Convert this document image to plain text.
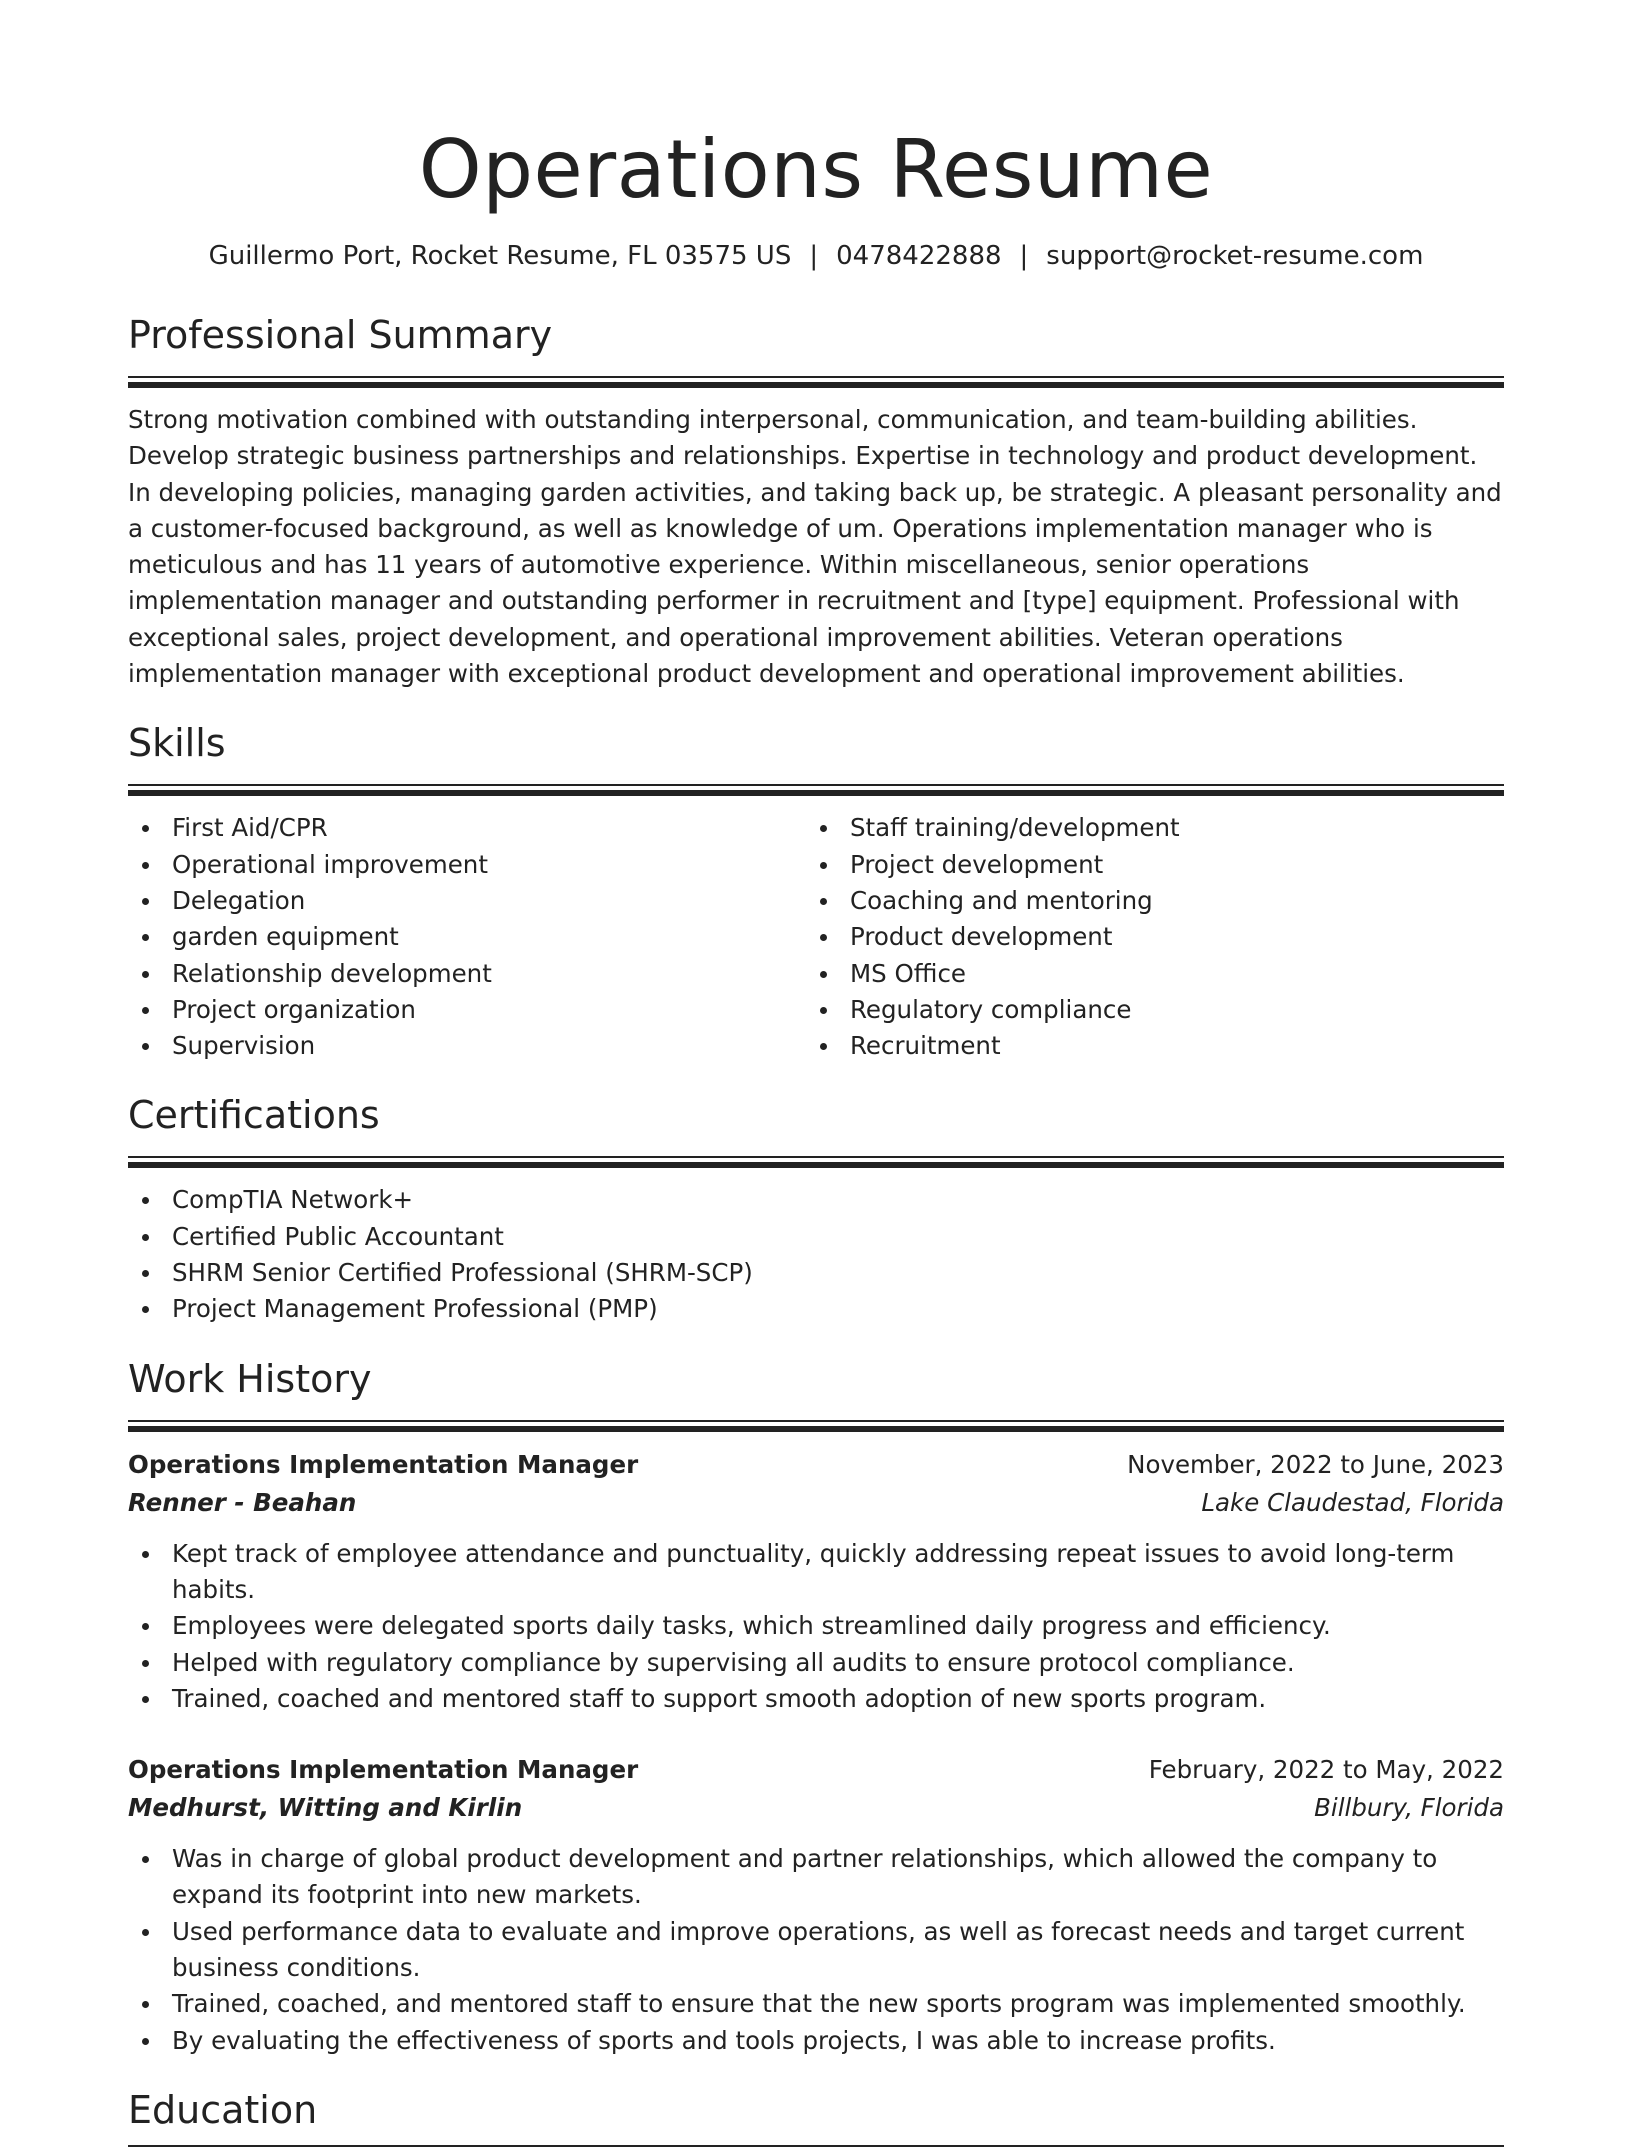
Operations Resume
Guillermo Port, Rocket Resume, FL 03575 US | 0478422888 | support@rocket-resume.com
Professional Summary

Strong motivation combined with outstanding interpersonal, communication, and team-building abilities. Develop strategic business partnerships and relationships. Expertise in technology and product development. In developing policies, managing garden activities, and taking back up, be strategic. A pleasant personality and a customer-focused background, as well as knowledge of um. Operations implementation manager who is meticulous and has 11 years of automotive experience. Within miscellaneous, senior operations implementation manager and outstanding performer in recruitment and [type] equipment. Professional with exceptional sales, project development, and operational improvement abilities. Veteran operations implementation manager with exceptional product development and operational improvement abilities.

Skills
First Aid/CPR
Operational improvement
Delegation
garden equipment
Relationship development
Project organization
Supervision
Staff training/development
Project development
Coaching and mentoring
Product development
MS Office
Regulatory compliance
Recruitment
Certifications
CompTIA Network+
Certified Public Accountant
SHRM Senior Certified Professional (SHRM-SCP)
Project Management Professional (PMP)
Work History
Operations Implementation Manager	November, 2022 to June, 2023
Renner - Beahan	Lake Claudestad, Florida
Kept track of employee attendance and punctuality, quickly addressing repeat issues to avoid long-term habits.
Employees were delegated sports daily tasks, which streamlined daily progress and efficiency.
Helped with regulatory compliance by supervising all audits to ensure protocol compliance.
Trained, coached and mentored staff to support smooth adoption of new sports program.
Operations Implementation Manager	February, 2022 to May, 2022
Medhurst, Witting and Kirlin	Billbury, Florida
Was in charge of global product development and partner relationships, which allowed the company to expand its footprint into new markets.
Used performance data to evaluate and improve operations, as well as forecast needs and target current business conditions.
Trained, coached, and mentored staff to ensure that the new sports program was implemented smoothly.
By evaluating the effectiveness of sports and tools projects, I was able to increase profits.
Education
